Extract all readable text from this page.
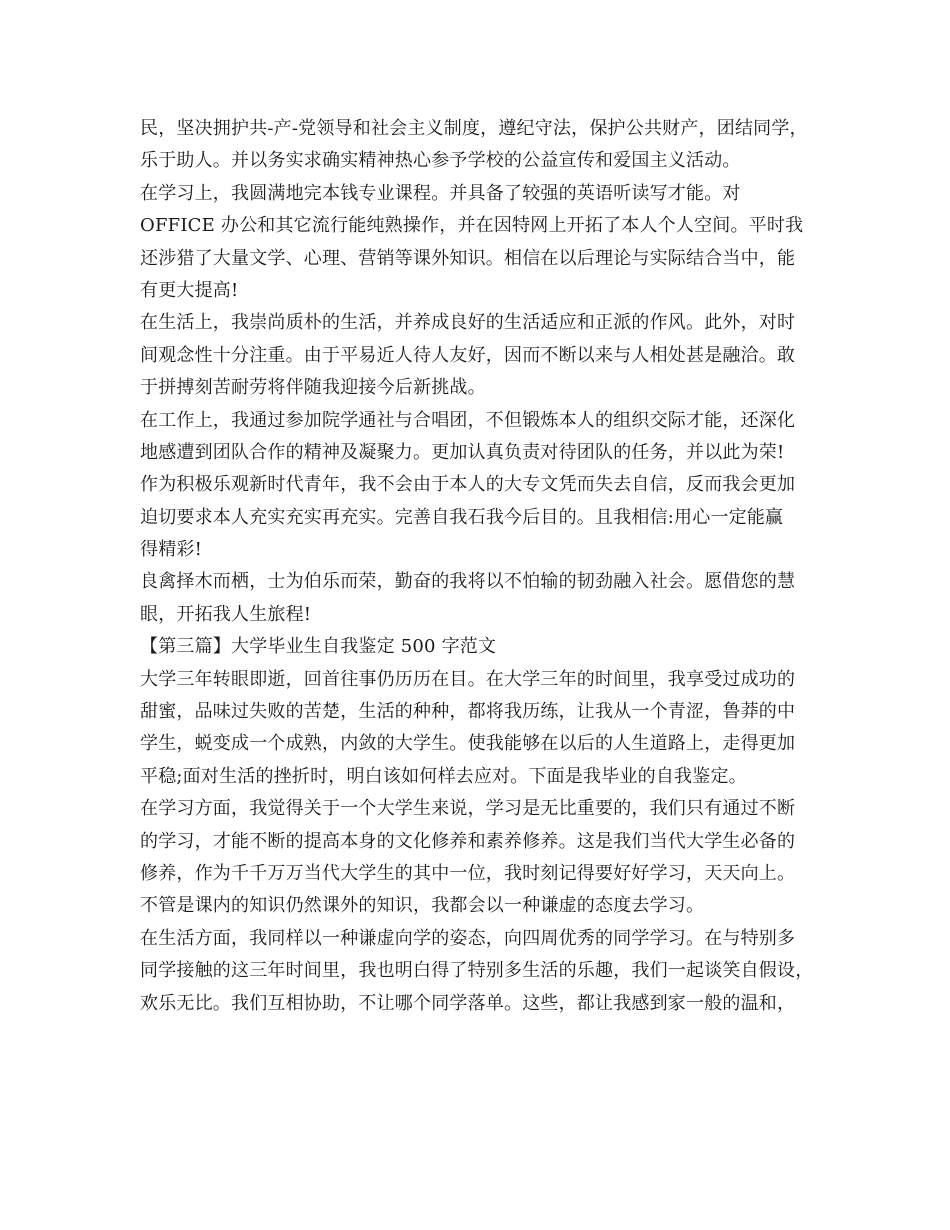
民，坚决拥护共-产-党领导和社会主义制度，遵纪守法，保护公共财产，团结同学，
乐于助人。并以务实求确实精神热心参予学校的公益宣传和爱国主义活动。
在学习上，我圆满地完本钱专业课程。并具备了较强的英语听读写才能。对
OFFICE 办公和其它流行能纯熟操作，并在因特网上开拓了本人个人空间。平时我
还涉猎了大量文学、心理、营销等课外知识。相信在以后理论与实际结合当中，能
有更大提高!
在生活上，我崇尚质朴的生活，并养成良好的生活适应和正派的作风。此外，对时
间观念性十分注重。由于平易近人待人友好，因而不断以来与人相处甚是融洽。敢
于拼搏刻苦耐劳将伴随我迎接今后新挑战。
在工作上，我通过参加院学通社与合唱团，不但锻炼本人的组织交际才能，还深化
地感遭到团队合作的精神及凝聚力。更加认真负责对待团队的任务，并以此为荣!
作为积极乐观新时代青年，我不会由于本人的大专文凭而失去自信，反而我会更加
迫切要求本人充实充实再充实。完善自我石我今后目的。且我相信:用心一定能赢
得精彩!
良禽择木而栖，士为伯乐而荣，勤奋的我将以不怕输的韧劲融入社会。愿借您的慧
眼，开拓我人生旅程!
【第三篇】大学毕业生自我鉴定 500 字范文
大学三年转眼即逝，回首往事仍历历在目。在大学三年的时间里，我享受过成功的
甜蜜，品味过失败的苦楚，生活的种种，都将我历练，让我从一个青涩，鲁莽的中
学生，蜕变成一个成熟，内敛的大学生。使我能够在以后的人生道路上，走得更加
平稳;面对生活的挫折时，明白该如何样去应对。下面是我毕业的自我鉴定。
在学习方面，我觉得关于一个大学生来说，学习是无比重要的，我们只有通过不断
的学习，才能不断的提高本身的文化修养和素养修养。这是我们当代大学生必备的
修养，作为千千万万当代大学生的其中一位，我时刻记得要好好学习，天天向上。
不管是课内的知识仍然课外的知识，我都会以一种谦虚的态度去学习。
在生活方面，我同样以一种谦虚向学的姿态，向四周优秀的同学学习。在与特别多
同学接触的这三年时间里，我也明白得了特别多生活的乐趣，我们一起谈笑自假设，
欢乐无比。我们互相协助，不让哪个同学落单。这些，都让我感到家一般的温和，
